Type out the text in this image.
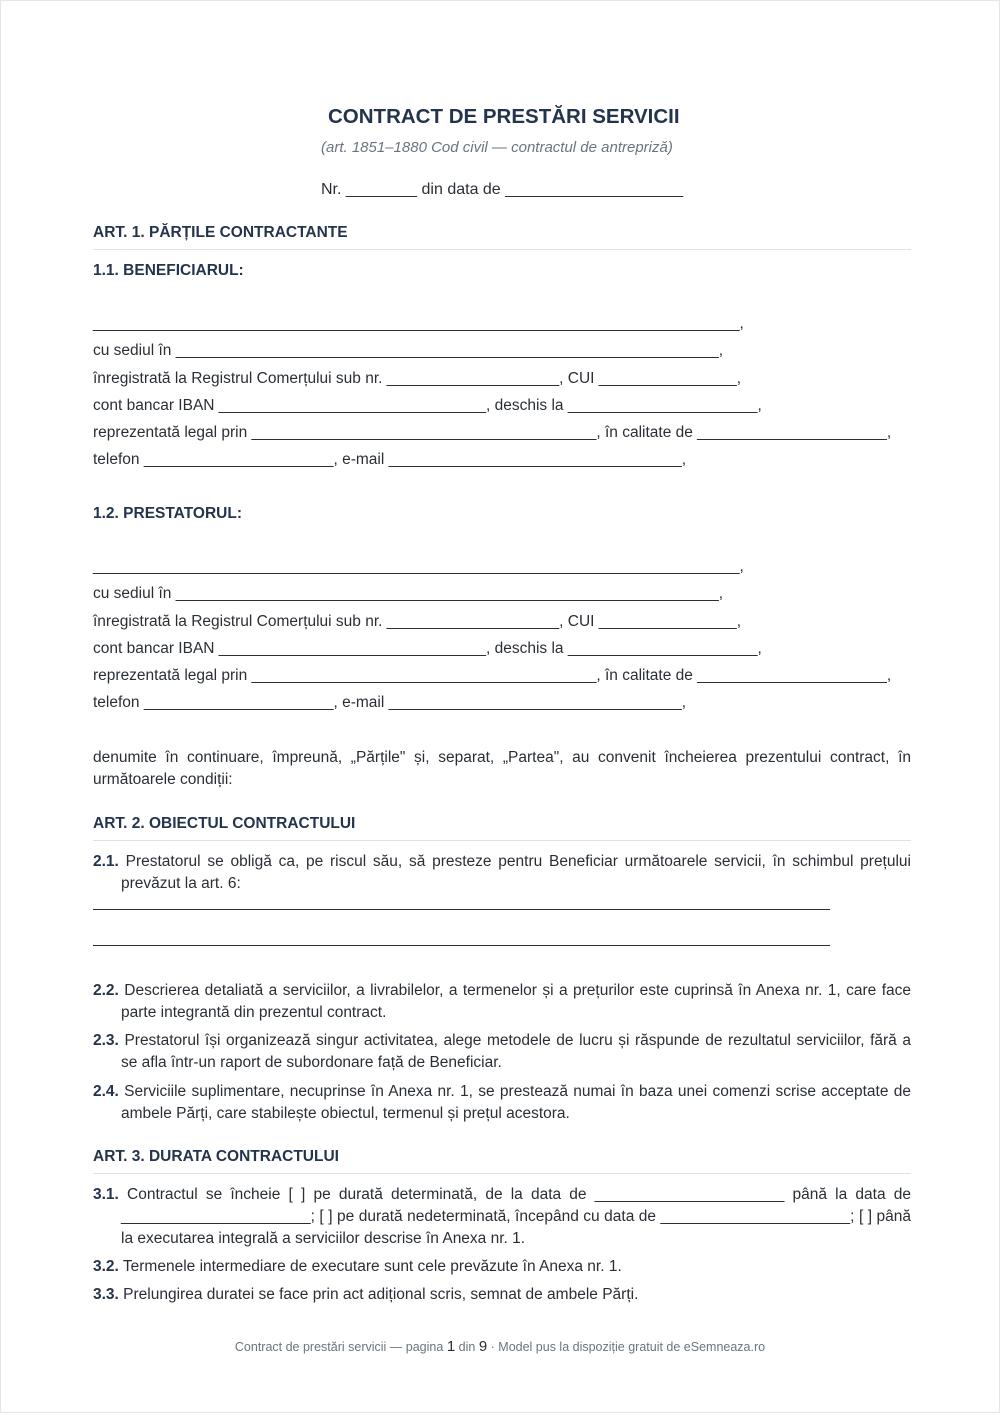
CONTRACT DE PRESTĂRI SERVICII
(art. 1851–1880 Cod civil — contractul de antrepriză)
Nr. ________ din data de ____________________
ART. 1. PĂRȚILE CONTRACTANTE
1.1. BENEFICIARUL:
___________________________________________________________________________,
cu sediul în _______________________________________________________________,
înregistrată la Registrul Comerțului sub nr. ____________________, CUI ________________,
cont bancar IBAN _______________________________, deschis la ______________________,
reprezentată legal prin ________________________________________, în calitate de ______________________,
telefon ______________________, e-mail __________________________________,
1.2. PRESTATORUL:
___________________________________________________________________________,
cu sediul în _______________________________________________________________,
înregistrată la Registrul Comerțului sub nr. ____________________, CUI ________________,
cont bancar IBAN _______________________________, deschis la ______________________,
reprezentată legal prin ________________________________________, în calitate de ______________________,
telefon ______________________, e-mail __________________________________,
denumite în continuare, împreună, „Părțile" și, separat, „Partea", au convenit încheierea prezentului contract, în următoarele condiții:
ART. 2. OBIECTUL CONTRACTULUI
2.1. Prestatorul se obligă ca, pe riscul său, să presteze pentru Beneficiar următoarele servicii, în schimbul prețului prevăzut la art. 6:
2.2. Descrierea detaliată a serviciilor, a livrabilelor, a termenelor și a prețurilor este cuprinsă în Anexa nr. 1, care face parte integrantă din prezentul contract.
2.3. Prestatorul își organizează singur activitatea, alege metodele de lucru și răspunde de rezultatul serviciilor, fără a se afla într-un raport de subordonare față de Beneficiar.
2.4. Serviciile suplimentare, necuprinse în Anexa nr. 1, se prestează numai în baza unei comenzi scrise acceptate de ambele Părți, care stabilește obiectul, termenul și prețul acestora.
ART. 3. DURATA CONTRACTULUI
3.1. Contractul se încheie [ ] pe durată determinată, de la data de ______________________ până la data de ______________________; [ ] pe durată nedeterminată, începând cu data de ______________________; [ ] până la executarea integrală a serviciilor descrise în Anexa nr. 1.
3.2. Termenele intermediare de executare sunt cele prevăzute în Anexa nr. 1.
3.3. Prelungirea duratei se face prin act adițional scris, semnat de ambele Părți.
Contract de prestări servicii — pagina 1 din 9 · Model pus la dispoziție gratuit de eSemneaza.ro
